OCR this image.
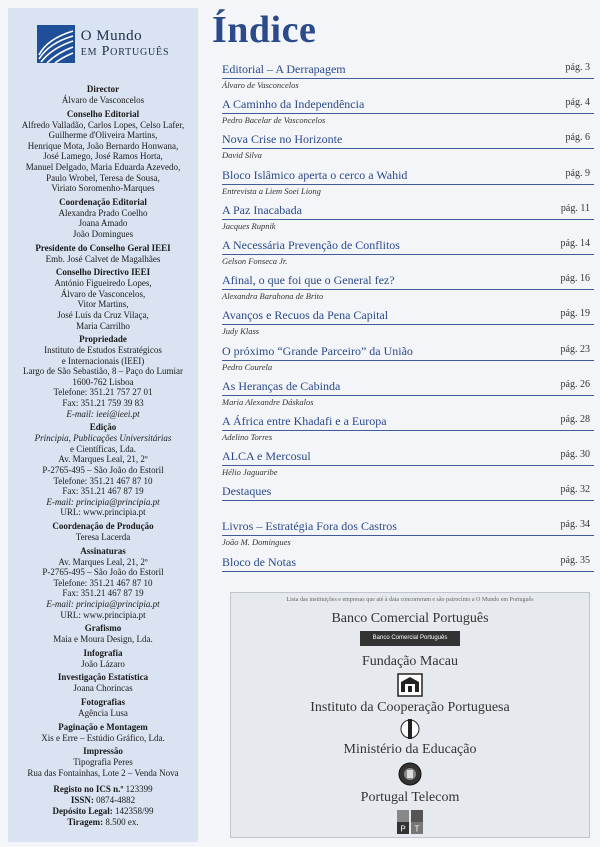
O Mundo
em Português
Director
Álvaro de Vasconcelos
Conselho Editorial
Alfredo Valladão, Carlos Lopes, Celso Lafer,
Guilherme d'Oliveira Martins,
Henrique Mota, João Bernardo Honwana,
José Lamego, José Ramos Horta,
Manuel Delgado, Maria Eduarda Azevedo,
Paulo Wrobel, Teresa de Sousa,
Viriato Soromenho-Marques
Coordenação Editorial
Alexandra Prado Coelho
Joana Amado
João Domingues
Presidente do Conselho Geral IEEI
Emb. José Calvet de Magalhães
Conselho Directivo IEEI
António Figueiredo Lopes,
Álvaro de Vasconcelos,
Vitor Martins,
José Luís da Cruz Vilaça,
Maria Carrilho
Propriedade
Instituto de Estudos Estratégicos
e Internacionais (IEEI)
Largo de São Sebastião, 8 – Paço do Lumiar
1600-762 Lisboa
Telefone: 351.21 757 27 01
Fax: 351.21 759 39 83
E-mail: ieei@ieei.pt
Edição
Principia, Publicações Universitárias
e Científicas, Lda.
Av. Marques Leal, 21, 2º
P-2765-495 – São João do Estoril
Telefone: 351.21 467 87 10
Fax: 351.21 467 87 19
E-mail: principia@principia.pt
URL: www.principia.pt
Coordenação de Produção
Teresa Lacerda
Assinaturas
Av. Marques Leal, 21, 2º
P-2765-495 – São João do Estoril
Telefone: 351.21 467 87 10
Fax: 351.21 467 87 19
E-mail: principia@principia.pt
URL: www.principia.pt
Grafismo
Maia e Moura Design, Lda.
Infografia
João Lázaro
Investigação Estatística
Joana Chorincas
Fotografias
Agência Lusa
Paginação e Montagem
Xis e Erre – Estúdio Gráfico, Lda.
Impressão
Tipografia Peres
Rua das Fontainhas, Lote 2 – Venda Nova
Registo no ICS n.º 123399
ISSN: 0874-4882
Depósito Legal: 142358/99
Tiragem: 8.500 ex.
Índice
Editorial – A Derrapagem	pág. 3
Álvaro de Vasconcelos
A Caminho da Independência	pág. 4
Pedro Bacelar de Vasconcelos
Nova Crise no Horizonte	pág. 6
David Silva
Bloco Islâmico aperta o cerco a Wahid	pág. 9
Entrevista a Liem Soei Liong
A Paz Inacabada	pág. 11
Jacques Rupnik
A Necessária Prevenção de Conflitos	pág. 14
Gelson Fonseca Jr.
Afinal, o que foi que o General fez?	pág. 16
Alexandra Barahona de Brito
Avanços e Recuos da Pena Capital	pág. 19
Judy Klass
O próximo “Grande Parceiro” da União	pág. 23
Pedro Courela
As Heranças de Cabinda	pág. 26
Maria Alexandre Dáskalos
A África entre Khadafi e a Europa	pág. 28
Adelino Torres
ALCA e Mercosul	pág. 30
Hélio Jaguaribe
Destaques	pág. 32
Livros – Estratégia Fora dos Castros	pág. 34
João M. Domingues
Bloco de Notas	pág. 35
Lista das instituições e empresas que até à data concorreram e são patrocínio a O Mundo em Português
Banco Comercial Português
Banco Comercial Português
Fundação Macau
Instituto da Cooperação Portuguesa
Ministério da Educação
Portugal Telecom
P T
